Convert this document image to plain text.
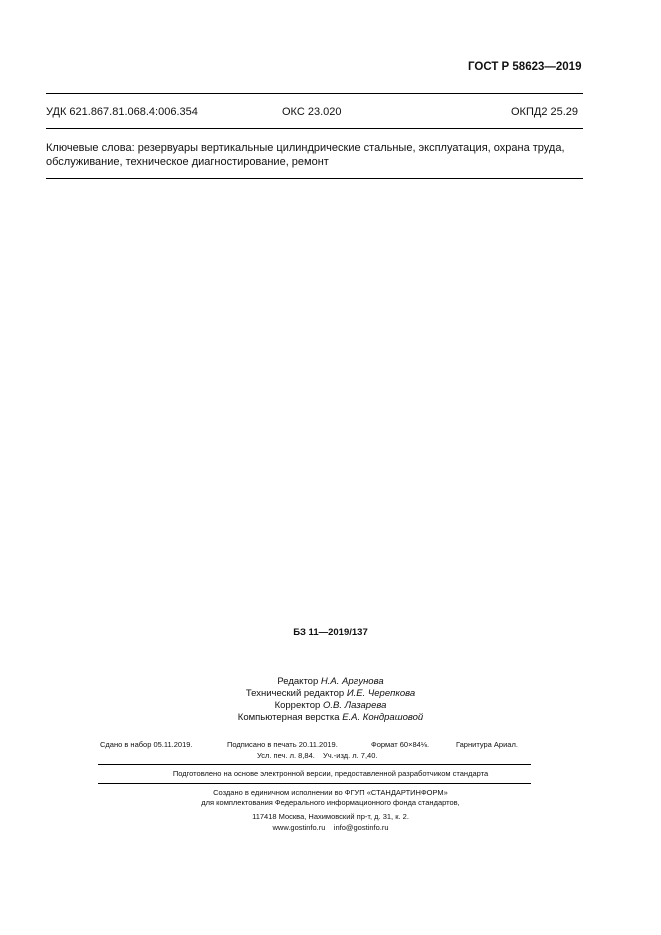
ГОСТ Р 58623—2019
УДК 621.867.81.068.4:006.354	ОКС 23.020	ОКПД2 25.29
Ключевые слова: резервуары вертикальные цилиндрические стальные, эксплуатация, охрана труда,
обслуживание, техническое диагностирование, ремонт
БЗ 11—2019/137
Редактор Н.А. Аргунова
Технический редактор И.Е. Черепкова
Корректор О.В. Лазарева
Компьютерная верстка Е.А. Кондрашовой
Сдано в набор 05.11.2019.	Подписано в печать 20.11.2019.	Формат 60×84⅛.	Гарнитура Ариал.
Усл. печ. л. 8,84. Уч.-изд. л. 7,40.
Подготовлено на основе электронной версии, предоставленной разработчиком стандарта
Создано в единичном исполнении во ФГУП «СТАНДАРТИНФОРМ»
для комплектования Федерального информационного фонда стандартов,
117418 Москва, Нахимовский пр-т, д. 31, к. 2.
www.gostinfo.ru info@gostinfo.ru
